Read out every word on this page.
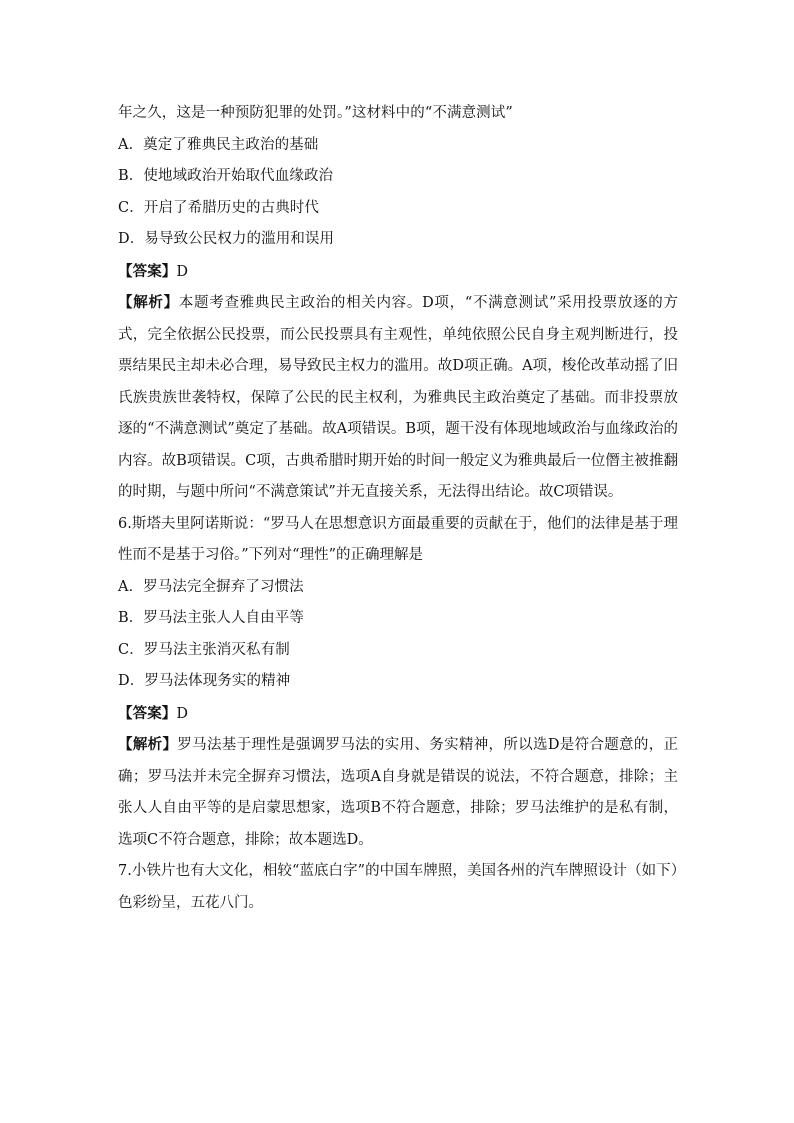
年之久，这是一种预防犯罪的处罚。”这材料中的“不满意测试”
A．奠定了雅典民主政治的基础
B．使地域政治开始取代血缘政治
C．开启了希腊历史的古典时代
D．易导致公民权力的滥用和误用
【答案】D
【解析】本题考查雅典民主政治的相关内容。D项，“不满意测试”采用投票放逐的方式，完全依据公民投票，而公民投票具有主观性，单纯依照公民自身主观判断进行，投票结果民主却未必合理，易导致民主权力的滥用。故D项正确。A项，梭伦改革动摇了旧氏族贵族世袭特权，保障了公民的民主权利，为雅典民主政治奠定了基础。而非投票放逐的“不满意测试”奠定了基础。故A项错误。B项，题干没有体现地域政治与血缘政治的内容。故B项错误。C项，古典希腊时期开始的时间一般定义为雅典最后一位僭主被推翻的时期，与题中所问“不满意策试”并无直接关系，无法得出结论。故C项错误。
6.斯塔夫里阿诺斯说：“罗马人在思想意识方面最重要的贡献在于，他们的法律是基于理性而不是基于习俗。”下列对“理性”的正确理解是
A．罗马法完全摒弃了习惯法
B．罗马法主张人人自由平等
C．罗马法主张消灭私有制
D．罗马法体现务实的精神
【答案】D
【解析】罗马法基于理性是强调罗马法的实用、务实精神，所以选D是符合题意的，正确；罗马法并未完全摒弃习惯法，选项A自身就是错误的说法，不符合题意，排除；主张人人自由平等的是启蒙思想家，选项B不符合题意，排除；罗马法维护的是私有制，选项C不符合题意，排除；故本题选D。
7.小铁片也有大文化，相较“蓝底白字”的中国车牌照，美国各州的汽车牌照设计（如下）色彩纷呈，五花八门。
